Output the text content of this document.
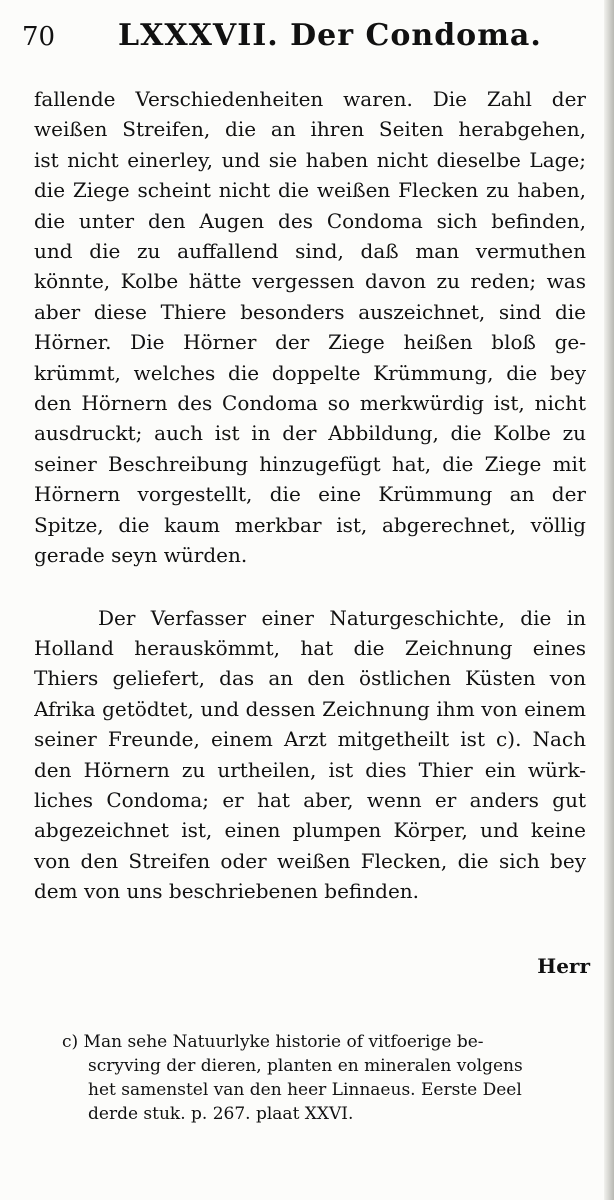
70 LXXXVII. Der Condoma.
fallende Verschiedenheiten waren. Die Zahl der
weißen Streifen, die an ihren Seiten herabgehen,
ist nicht einerley, und sie haben nicht dieselbe Lage;
die Ziege scheint nicht die weißen Flecken zu haben,
die unter den Augen des Condoma sich befinden,
und die zu auffallend sind, daß man vermuthen
könnte, Kolbe hätte vergessen davon zu reden; was
aber diese Thiere besonders auszeichnet, sind die
Hörner. Die Hörner der Ziege heißen bloß ge-
krümmt, welches die doppelte Krümmung, die bey
den Hörnern des Condoma so merkwürdig ist, nicht
ausdruckt; auch ist in der Abbildung, die Kolbe zu
seiner Beschreibung hinzugefügt hat, die Ziege mit
Hörnern vorgestellt, die eine Krümmung an der
Spitze, die kaum merkbar ist, abgerechnet, völlig
gerade seyn würden.
Der Verfasser einer Naturgeschichte, die in
Holland herauskömmt, hat die Zeichnung eines
Thiers geliefert, das an den östlichen Küsten von
Afrika getödtet, und dessen Zeichnung ihm von einem
seiner Freunde, einem Arzt mitgetheilt ist c). Nach
den Hörnern zu urtheilen, ist dies Thier ein würk-
liches Condoma; er hat aber, wenn er anders gut
abgezeichnet ist, einen plumpen Körper, und keine
von den Streifen oder weißen Flecken, die sich bey
dem von uns beschriebenen befinden.
Herr
c) Man sehe Natuurlyke historie of vitfoerige be-
scryving der dieren, planten en mineralen volgens
het samenstel van den heer Linnaeus. Eerste Deel
derde stuk. p. 267. plaat XXVI.
